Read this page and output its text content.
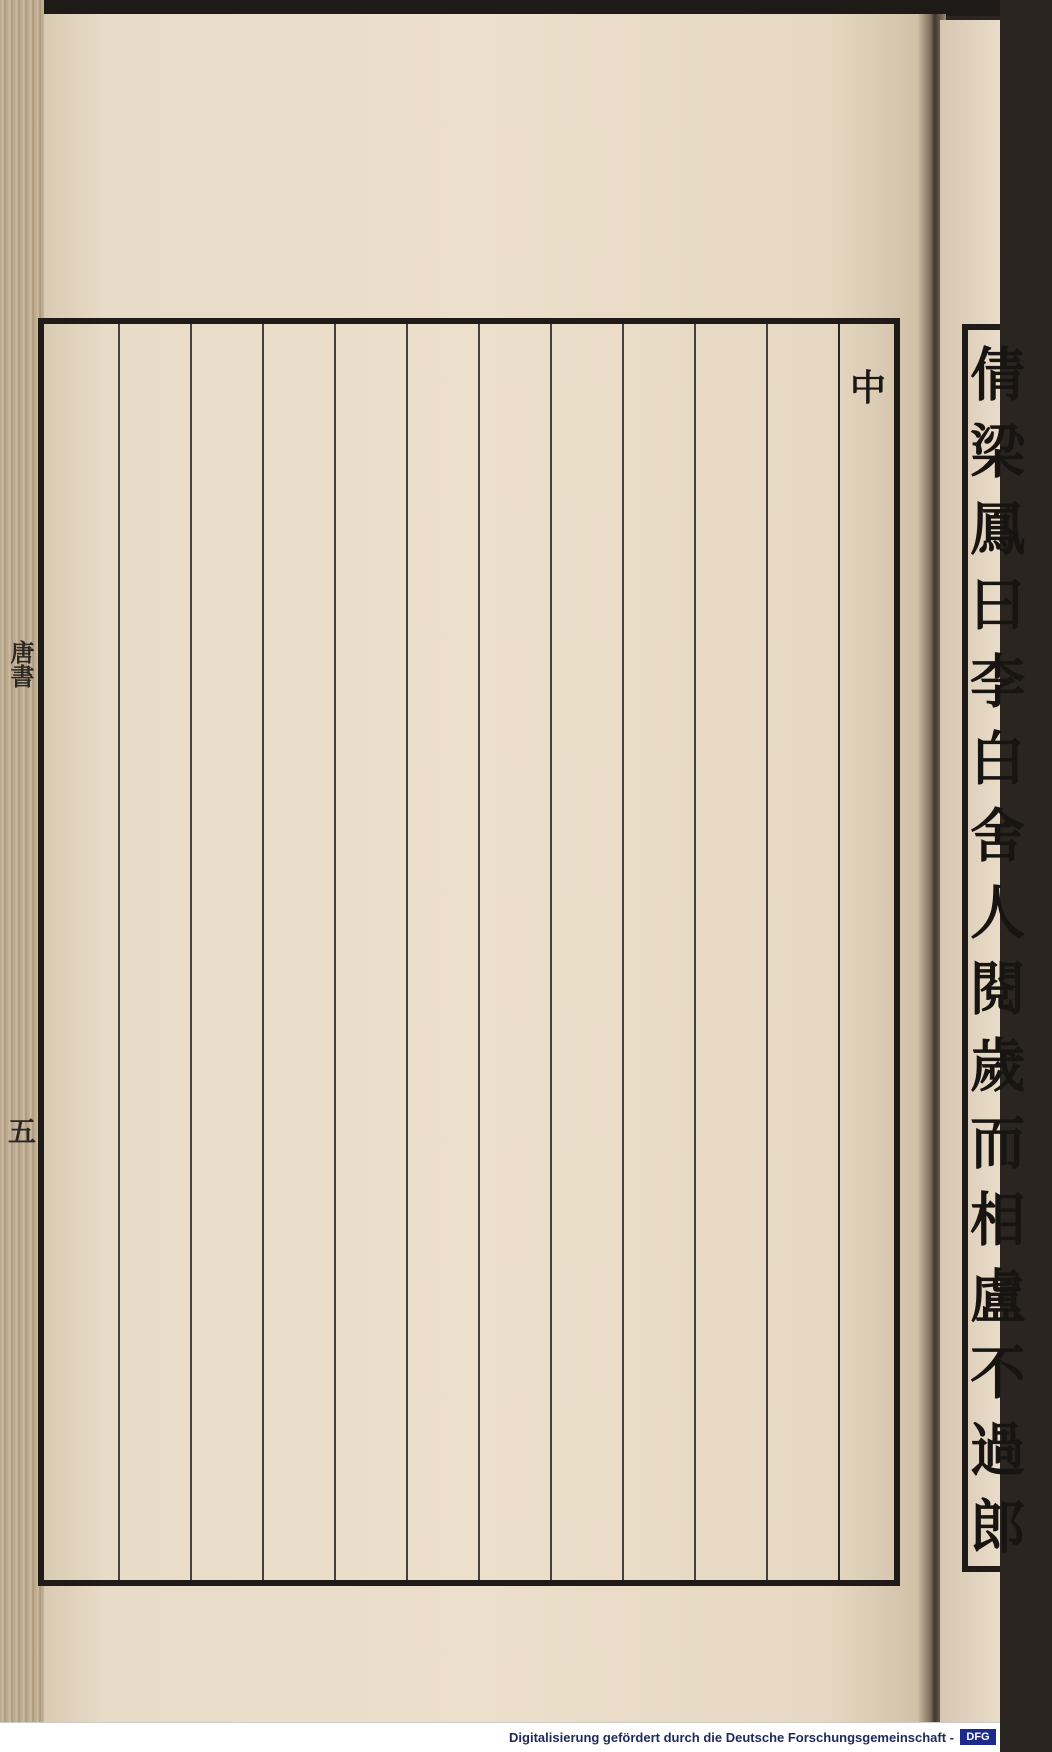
中
唐書
五
倩
梁
鳳
曰
李
白
舍
人
閱
歲
而
相
盧
不
過
郎
Digitalisierung gefördert durch die Deutsche Forschungsgemeinschaft -	DFG
